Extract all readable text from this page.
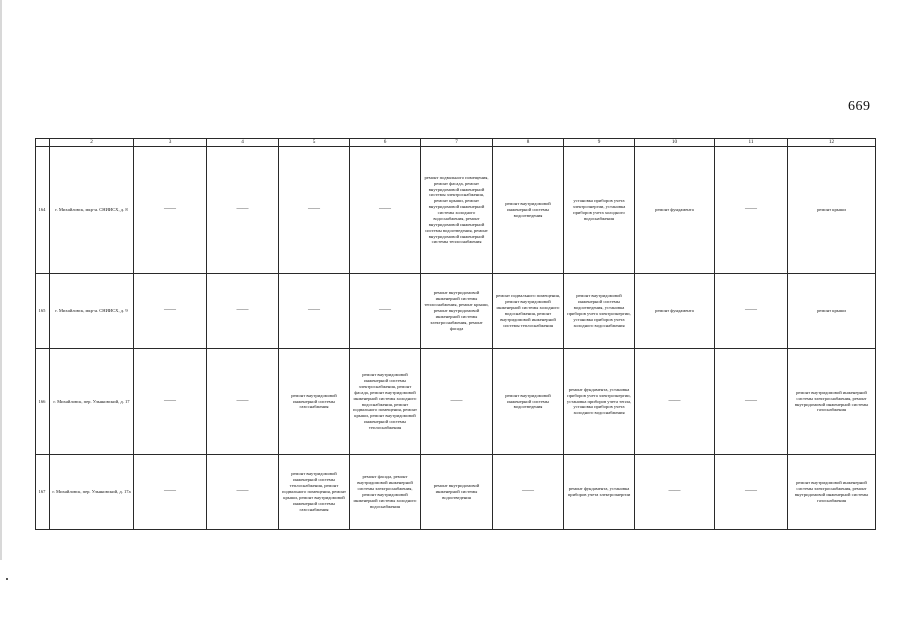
669
	2	3	4	5	6	7	8	9	10	11	12
164	г. Михайловск, мкр-н. СНИИСХ, д. 8	——	——	——	——	ремонт подвального помещения, ремонт фасада, ремонт внутридомовой инженерной системы электроснабжения, ремонт крыши, ремонт внутридомовой инженерной системы холодного водоснабжения, ремонт внутридомовой инженерной системы водоотведения, ремонт внутридомовой инженерной системы теплоснабжения	ремонт внутридомовой инженерной системы водоотведения	установка приборов учета электроэнергии, установка приборов учета холодного водоснабжения	ремонт фундамента	——	ремонт крыши
165	г. Михайловск, мкр-н. СНИИСХ, д. 9	——	——	——	——	ремонт внутридомовой инженерной системы теплоснабжения, ремонт крыши, ремонт внутридомовой инженерной системы электроснабжения, ремонт фасада	ремонт подвального помещения, ремонт внутридомовой инженерной системы холодного водоснабжения, ремонт внутридомовой инженерной системы теплоснабжения	ремонт внутридомовой инженерной системы водоотведения, установка приборов учета электроэнергии, установка приборов учета холодного водоснабжения	ремонт фундамента	——	ремонт крыши
166	г. Михайловск, пер. Ульяновский, д. 17	——	——	ремонт внутридомовой инженерной системы газоснабжения	ремонт внутридомовой инженерной системы электроснабжения, ремонт фасада, ремонт внутридомовой инженерной системы холодного водоснабжения, ремонт подвального помещения, ремонт крыши, ремонт внутридомовой инженерной системы теплоснабжения	——	ремонт внутридомовой инженерной системы водоотведения	ремонт фундамента, установка приборов учета электроэнергии, установка приборов учета тепла, установка приборов учета холодного водоснабжения	——	——	ремонт внутридомовой инженерной системы электроснабжения, ремонт внутридомовой инженерной системы газоснабжения
167	г. Михайловск, пер. Ульяновский, д. 17а	——	——	ремонт внутридомовой инженерной системы теплоснабжения, ремонт подвального помещения, ремонт крыши, ремонт внутридомовой инженерной системы газоснабжения	ремонт фасада, ремонт внутридомовой инженерной системы электроснабжения, ремонт внутридомовой инженерной системы холодного водоснабжения	ремонт внутридомовой инженерной системы водоотведения	——	ремонт фундамента, установка приборов учета электроэнергии	——	——	ремонт внутридомовой инженерной системы электроснабжения, ремонт внутридомовой инженерной системы газоснабжения
